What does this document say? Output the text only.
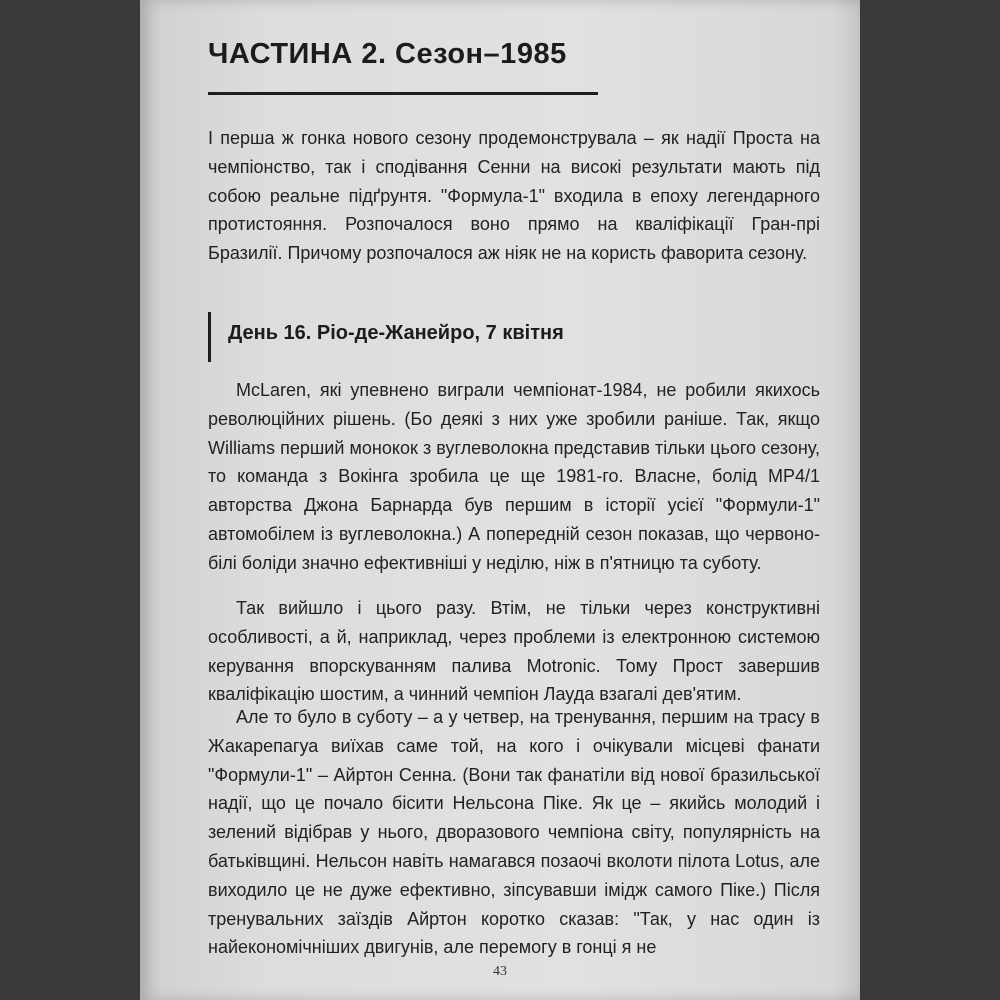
ЧАСТИНА 2. Сезон–1985

І перша ж гонка нового сезону продемонструвала – як надії Проста на чемпіонство, так і сподівання Сенни на високі результати мають під собою реальне підґрунтя. "Формула-1" входила в епоху легендарного протистояння. Розпочалося воно прямо на кваліфікації Гран-прі Бразилії. Причому розпочалося аж ніяк не на користь фаворита сезону.

День 16. Ріо-де-Жанейро, 7 квітня

McLaren, які упевнено виграли чемпіонат-1984, не робили якихось революційних рішень. (Бо деякі з них уже зробили раніше. Так, якщо Williams перший монокок з вуглеволокна представив тільки цього сезону, то команда з Вокінга зробила це ще 1981-го. Власне, болід MP4/1 авторства Джона Барнарда був першим в історії усієї "Формули-1" автомобілем із вуглеволокна.) А попередній сезон показав, що червоно-білі боліди значно ефективніші у неділю, ніж в п'ятницю та суботу.

Так вийшло і цього разу. Втім, не тільки через конструктивні особливості, а й, наприклад, через проблеми із електронною системою керування впорскуванням палива Motronic. Тому Прост завершив кваліфікацію шостим, а чинний чемпіон Лауда взагалі дев'ятим.

Але то було в суботу – а у четвер, на тренування, першим на трасу в Жакарепагуа виїхав саме той, на кого і очікували місцеві фанати "Формули-1" – Айртон Сенна. (Вони так фанатіли від нової бразильської надії, що це почало бісити Нельсона Піке. Як це – якийсь молодий і зелений відібрав у нього, дворазового чемпіона світу, популярність на батьківщині. Нельсон навіть намагався позаочі вколоти пілота Lotus, але виходило це не дуже ефективно, зіпсувавши імідж самого Піке.) Після тренувальних заїздів Айртон коротко сказав: "Так, у нас один із найекономічніших двигунів, але перемогу в гонці я не

43
